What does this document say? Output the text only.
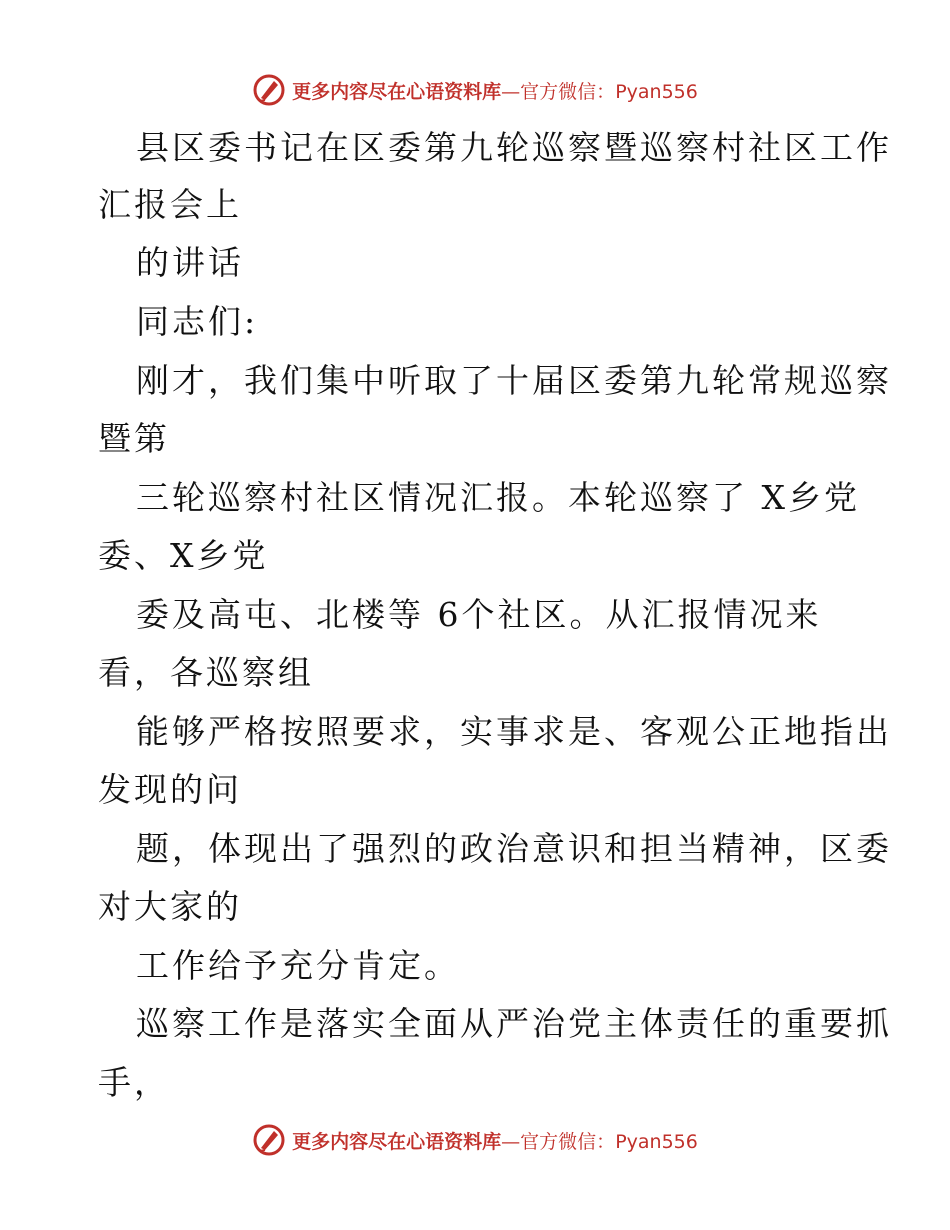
更多内容尽在心语资料库—官方微信：Pyan556
县区委书记在区委第九轮巡察暨巡察村社区工作
汇报会上
的讲话
同志们:
刚才，我们集中听取了十届区委第九轮常规巡察
暨第
三轮巡察村社区情况汇报。本轮巡察了 X乡党
委、X乡党
委及高屯、北楼等 6个社区。从汇报情况来
看，各巡察组
能够严格按照要求，实事求是、客观公正地指出
发现的问
题，体现出了强烈的政治意识和担当精神，区委
对大家的
工作给予充分肯定。
巡察工作是落实全面从严治党主体责任的重要抓
手，
更多内容尽在心语资料库—官方微信：Pyan556
